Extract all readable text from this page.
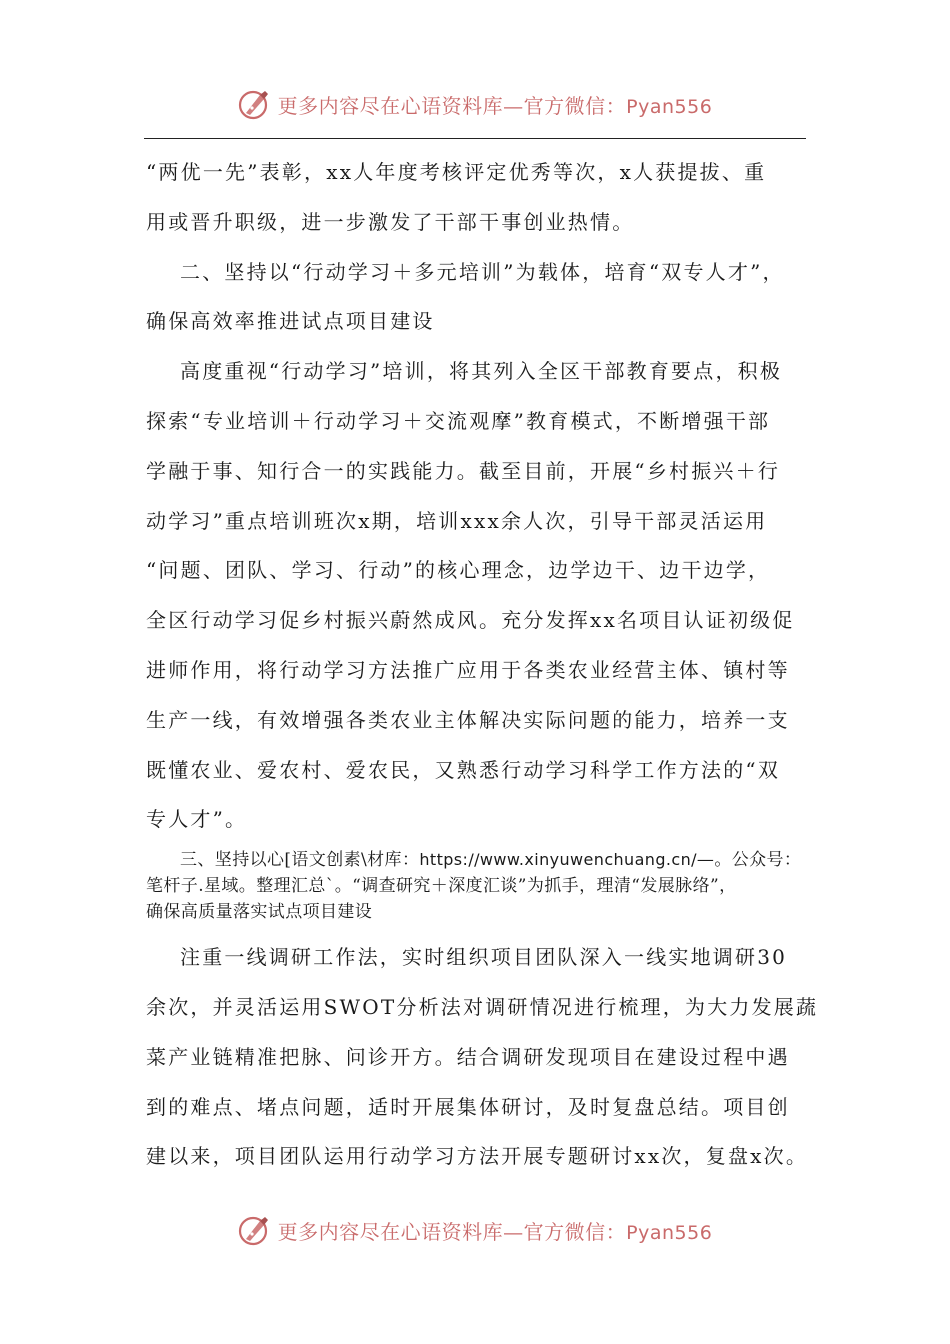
更多内容尽在心语资料库—官方微信：Pyan556
“两优一先”表彰，xx人年度考核评定优秀等次，x人获提拔、重
用或晋升职级，进一步激发了干部干事创业热情。
二、坚持以“行动学习＋多元培训”为载体，培育“双专人才”，
确保高效率推进试点项目建设
高度重视“行动学习”培训，将其列入全区干部教育要点，积极
探索“专业培训＋行动学习＋交流观摩”教育模式，不断增强干部
学融于事、知行合一的实践能力。截至目前，开展“乡村振兴＋行
动学习”重点培训班次x期，培训xxx余人次，引导干部灵活运用
“问题、团队、学习、行动”的核心理念，边学边干、边干边学，
全区行动学习促乡村振兴蔚然成风。充分发挥xx名项目认证初级促
进师作用，将行动学习方法推广应用于各类农业经营主体、镇村等
生产一线，有效增强各类农业主体解决实际问题的能力，培养一支
既懂农业、爱农村、爱农民，又熟悉行动学习科学工作方法的“双
专人才”。
三、坚持以心[语文创素\材库：https://www.xinyuwenchuang.cn/—。公众号：
笔杆子.星域。整理汇总`。“调查研究＋深度汇谈”为抓手，理清“发展脉络”，
确保高质量落实试点项目建设
注重一线调研工作法，实时组织项目团队深入一线实地调研30
余次，并灵活运用SWOT分析法对调研情况进行梳理，为大力发展蔬
菜产业链精准把脉、问诊开方。结合调研发现项目在建设过程中遇
到的难点、堵点问题，适时开展集体研讨，及时复盘总结。项目创
建以来，项目团队运用行动学习方法开展专题研讨xx次，复盘x次。
更多内容尽在心语资料库—官方微信：Pyan556
